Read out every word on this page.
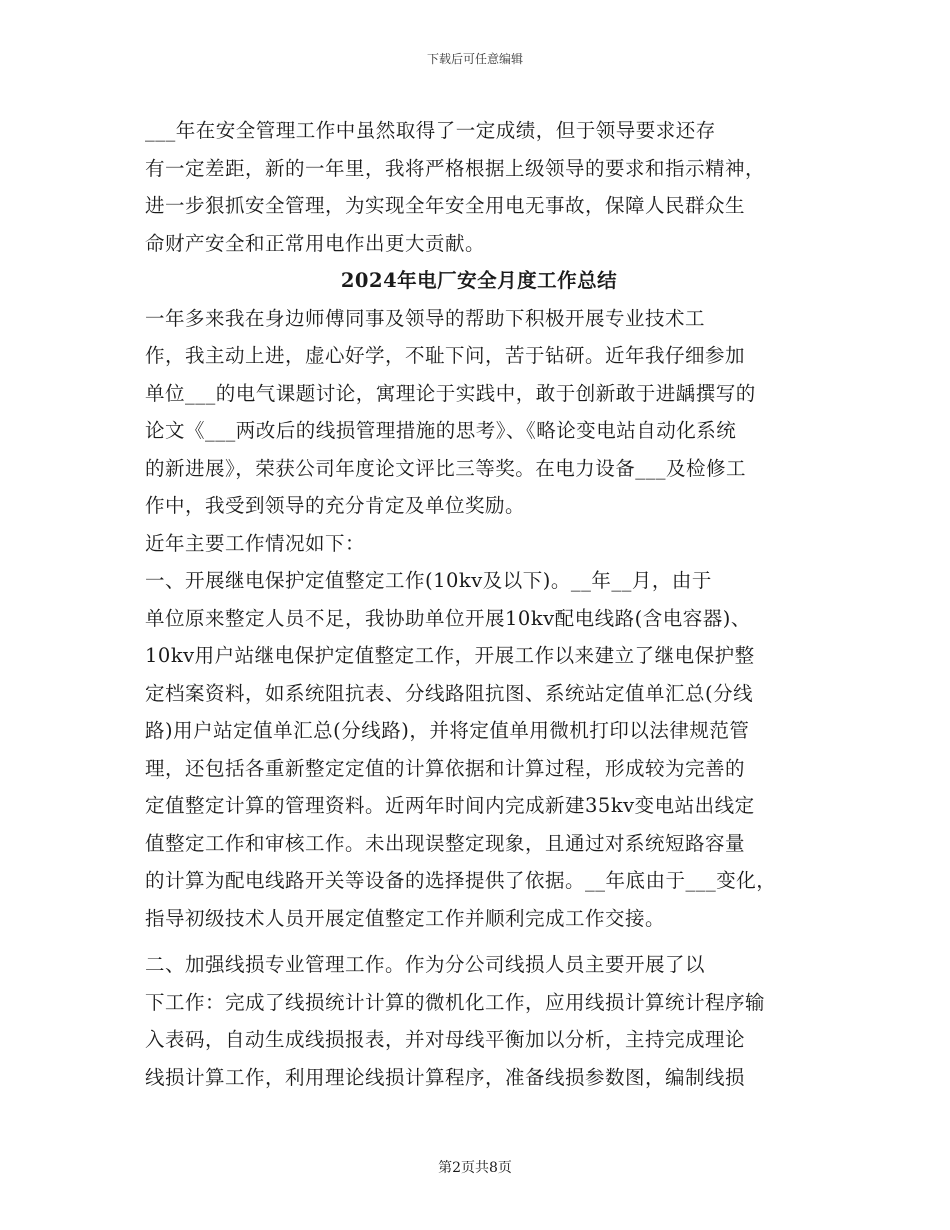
下载后可任意编辑
___年在安全管理工作中虽然取得了一定成绩，但于领导要求还存
有一定差距，新的一年里，我将严格根据上级领导的要求和指示精神，
进一步狠抓安全管理，为实现全年安全用电无事故，保障人民群众生
命财产安全和正常用电作出更大贡献。
2024年电厂安全月度工作总结
一年多来我在身边师傅同事及领导的帮助下积极开展专业技术工
作，我主动上进，虚心好学，不耻下问，苦于钻研。近年我仔细参加
单位___的电气课题讨论，寓理论于实践中，敢于创新敢于进龋撰写的
论文《___两改后的线损管理措施的思考》、《略论变电站自动化系统
的新进展》，荣获公司年度论文评比三等奖。在电力设备___及检修工
作中，我受到领导的充分肯定及单位奖励。
近年主要工作情况如下：
一、开展继电保护定值整定工作(10kv及以下)。__年__月，由于
单位原来整定人员不足，我协助单位开展10kv配电线路(含电容器)、
10kv用户站继电保护定值整定工作，开展工作以来建立了继电保护整
定档案资料，如系统阻抗表、分线路阻抗图、系统站定值单汇总(分线
路)用户站定值单汇总(分线路)，并将定值单用微机打印以法律规范管
理，还包括各重新整定定值的计算依据和计算过程，形成较为完善的
定值整定计算的管理资料。近两年时间内完成新建35kv变电站出线定
值整定工作和审核工作。未出现误整定现象，且通过对系统短路容量
的计算为配电线路开关等设备的选择提供了依据。__年底由于___变化，
指导初级技术人员开展定值整定工作并顺利完成工作交接。
二、加强线损专业管理工作。作为分公司线损人员主要开展了以
下工作：完成了线损统计计算的微机化工作，应用线损计算统计程序输
入表码，自动生成线损报表，并对母线平衡加以分析，主持完成理论
线损计算工作，利用理论线损计算程序，准备线损参数图，编制线损
第2页共8页
